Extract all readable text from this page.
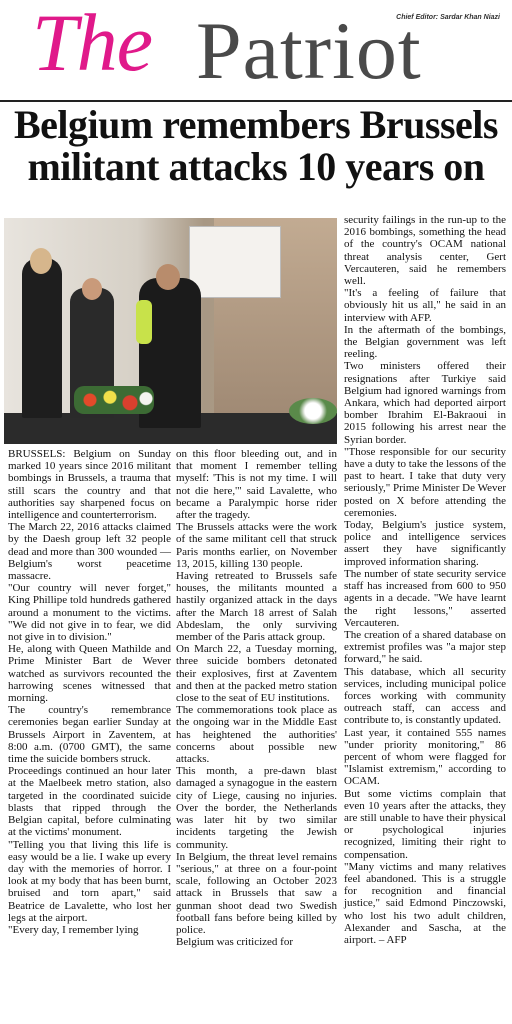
Chief Editor: Sardar Khan Niazi
The Patriot
Belgium remembers Brussels militant attacks 10 years on

BRUSSELS: Belgium on Sunday marked 10 years since 2016 militant bombings in Brussels, a trauma that still scars the country and that authorities say sharpened focus on intelligence and counterterrorism.

The March 22, 2016 attacks claimed by the Daesh group left 32 people dead and more than 300 wounded — Belgium's worst peacetime massacre.

"Our country will never forget," King Phillipe told hundreds gathered around a monument to the victims. "We did not give in to fear, we did not give in to division."

He, along with Queen Mathilde and Prime Minister Bart de Wever watched as survivors recounted the harrowing scenes witnessed that morning.

The country's remembrance ceremonies began earlier Sunday at Brussels Airport in Zaventem, at 8:00 a.m. (0700 GMT), the same time the suicide bombers struck.

Proceedings continued an hour later at the Maelbeek metro station, also targeted in the coordinated suicide blasts that ripped through the Belgian capital, before culminating at the victims' monument.

"Telling you that living this life is easy would be a lie. I wake up every day with the memories of horror. I look at my body that has been burnt, bruised and torn apart," said Beatrice de Lavalette, who lost her legs at the airport.

"Every day, I remember lying

on this floor bleeding out, and in that moment I remember telling myself: 'This is not my time. I will not die here,'" said Lavalette, who became a Paralympic horse rider after the tragedy.

The Brussels attacks were the work of the same militant cell that struck Paris months earlier, on November 13, 2015, killing 130 people.

Having retreated to Brussels safe houses, the militants mounted a hastily organized attack in the days after the March 18 arrest of Salah Abdeslam, the only surviving member of the Paris attack group.

On March 22, a Tuesday morning, three suicide bombers detonated their explosives, first at Zaventem and then at the packed metro station close to the seat of EU institutions.

The commemorations took place as the ongoing war in the Middle East has heightened the authorities' concerns about possible new attacks.

This month, a pre-dawn blast damaged a synagogue in the eastern city of Liege, causing no injuries. Over the border, the Netherlands was later hit by two similar incidents targeting the Jewish community.

In Belgium, the threat level remains "serious," at three on a four-point scale, following an October 2023 attack in Brussels that saw a gunman shoot dead two Swedish football fans before being killed by police.

Belgium was criticized for

security failings in the run-up to the 2016 bombings, something the head of the country's OCAM national threat analysis center, Gert Vercauteren, said he remembers well.

"It's a feeling of failure that obviously hit us all," he said in an interview with AFP.

In the aftermath of the bombings, the Belgian government was left reeling.

Two ministers offered their resignations after Turkiye said Belgium had ignored warnings from Ankara, which had deported airport bomber Ibrahim El-Bakraoui in 2015 following his arrest near the Syrian border.

"Those responsible for our security have a duty to take the lessons of the past to heart. I take that duty very seriously," Prime Minister De Wever posted on X before attending the ceremonies.

Today, Belgium's justice system, police and intelligence services assert they have significantly improved information sharing.

The number of state security service staff has increased from 600 to 950 agents in a decade. "We have learnt the right lessons," asserted Vercauteren.

The creation of a shared database on extremist profiles was "a major step forward," he said.

This database, which all security services, including municipal police forces working with community outreach staff, can access and contribute to, is constantly updated.

Last year, it contained 555 names "under priority monitoring," 86 percent of whom were flagged for "Islamist extremism," according to OCAM.

But some victims complain that even 10 years after the attacks, they are still unable to have their physical or psychological injuries recognized, limiting their right to compensation.

"Many victims and many relatives feel abandoned. This is a struggle for recognition and financial justice," said Edmond Pinczowski, who lost his two adult children, Alexander and Sascha, at the airport. – AFP
